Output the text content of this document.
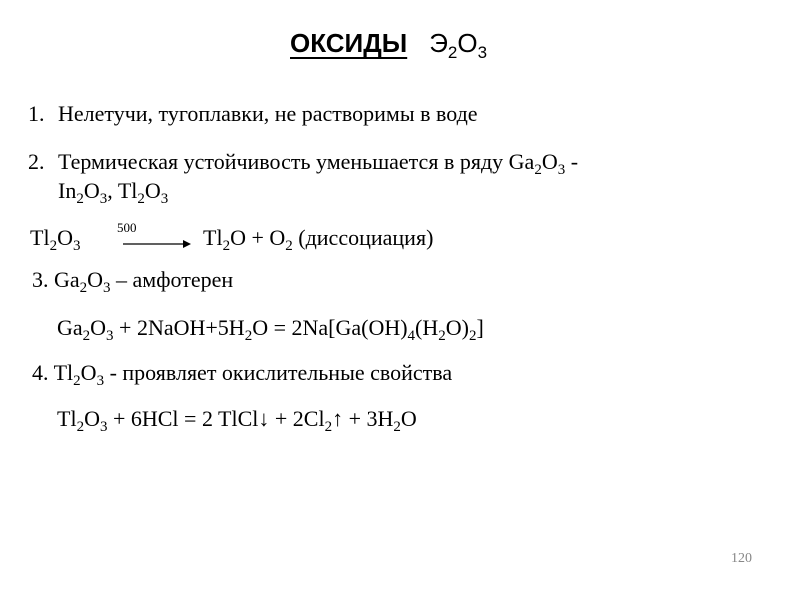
ОКСИДЫ $Э_2O_3$
1. Нелетучи, тугоплавки, не растворимы в воде
2. Термическая устойчивость уменьшается в ряду $Ga_2O_3$ -
$In_2O_3$, $Tl_2O_3$
$Tl_2O_3$
500	$Tl_2O + O_2$ (диссоциация)
3. $Ga_2O_3$ – амфотерен
$Ga_2O_3$ + $2NaOH+5H_2O = 2Na[Ga(OH)_4(H_2O)_2]$
4. $Tl_2O_3$ - проявляет окислительные свойства
$Tl_2O_3 + 6HCl = 2$ TlCl↓ + $2Cl_2↑ + 3H_2O$
120
